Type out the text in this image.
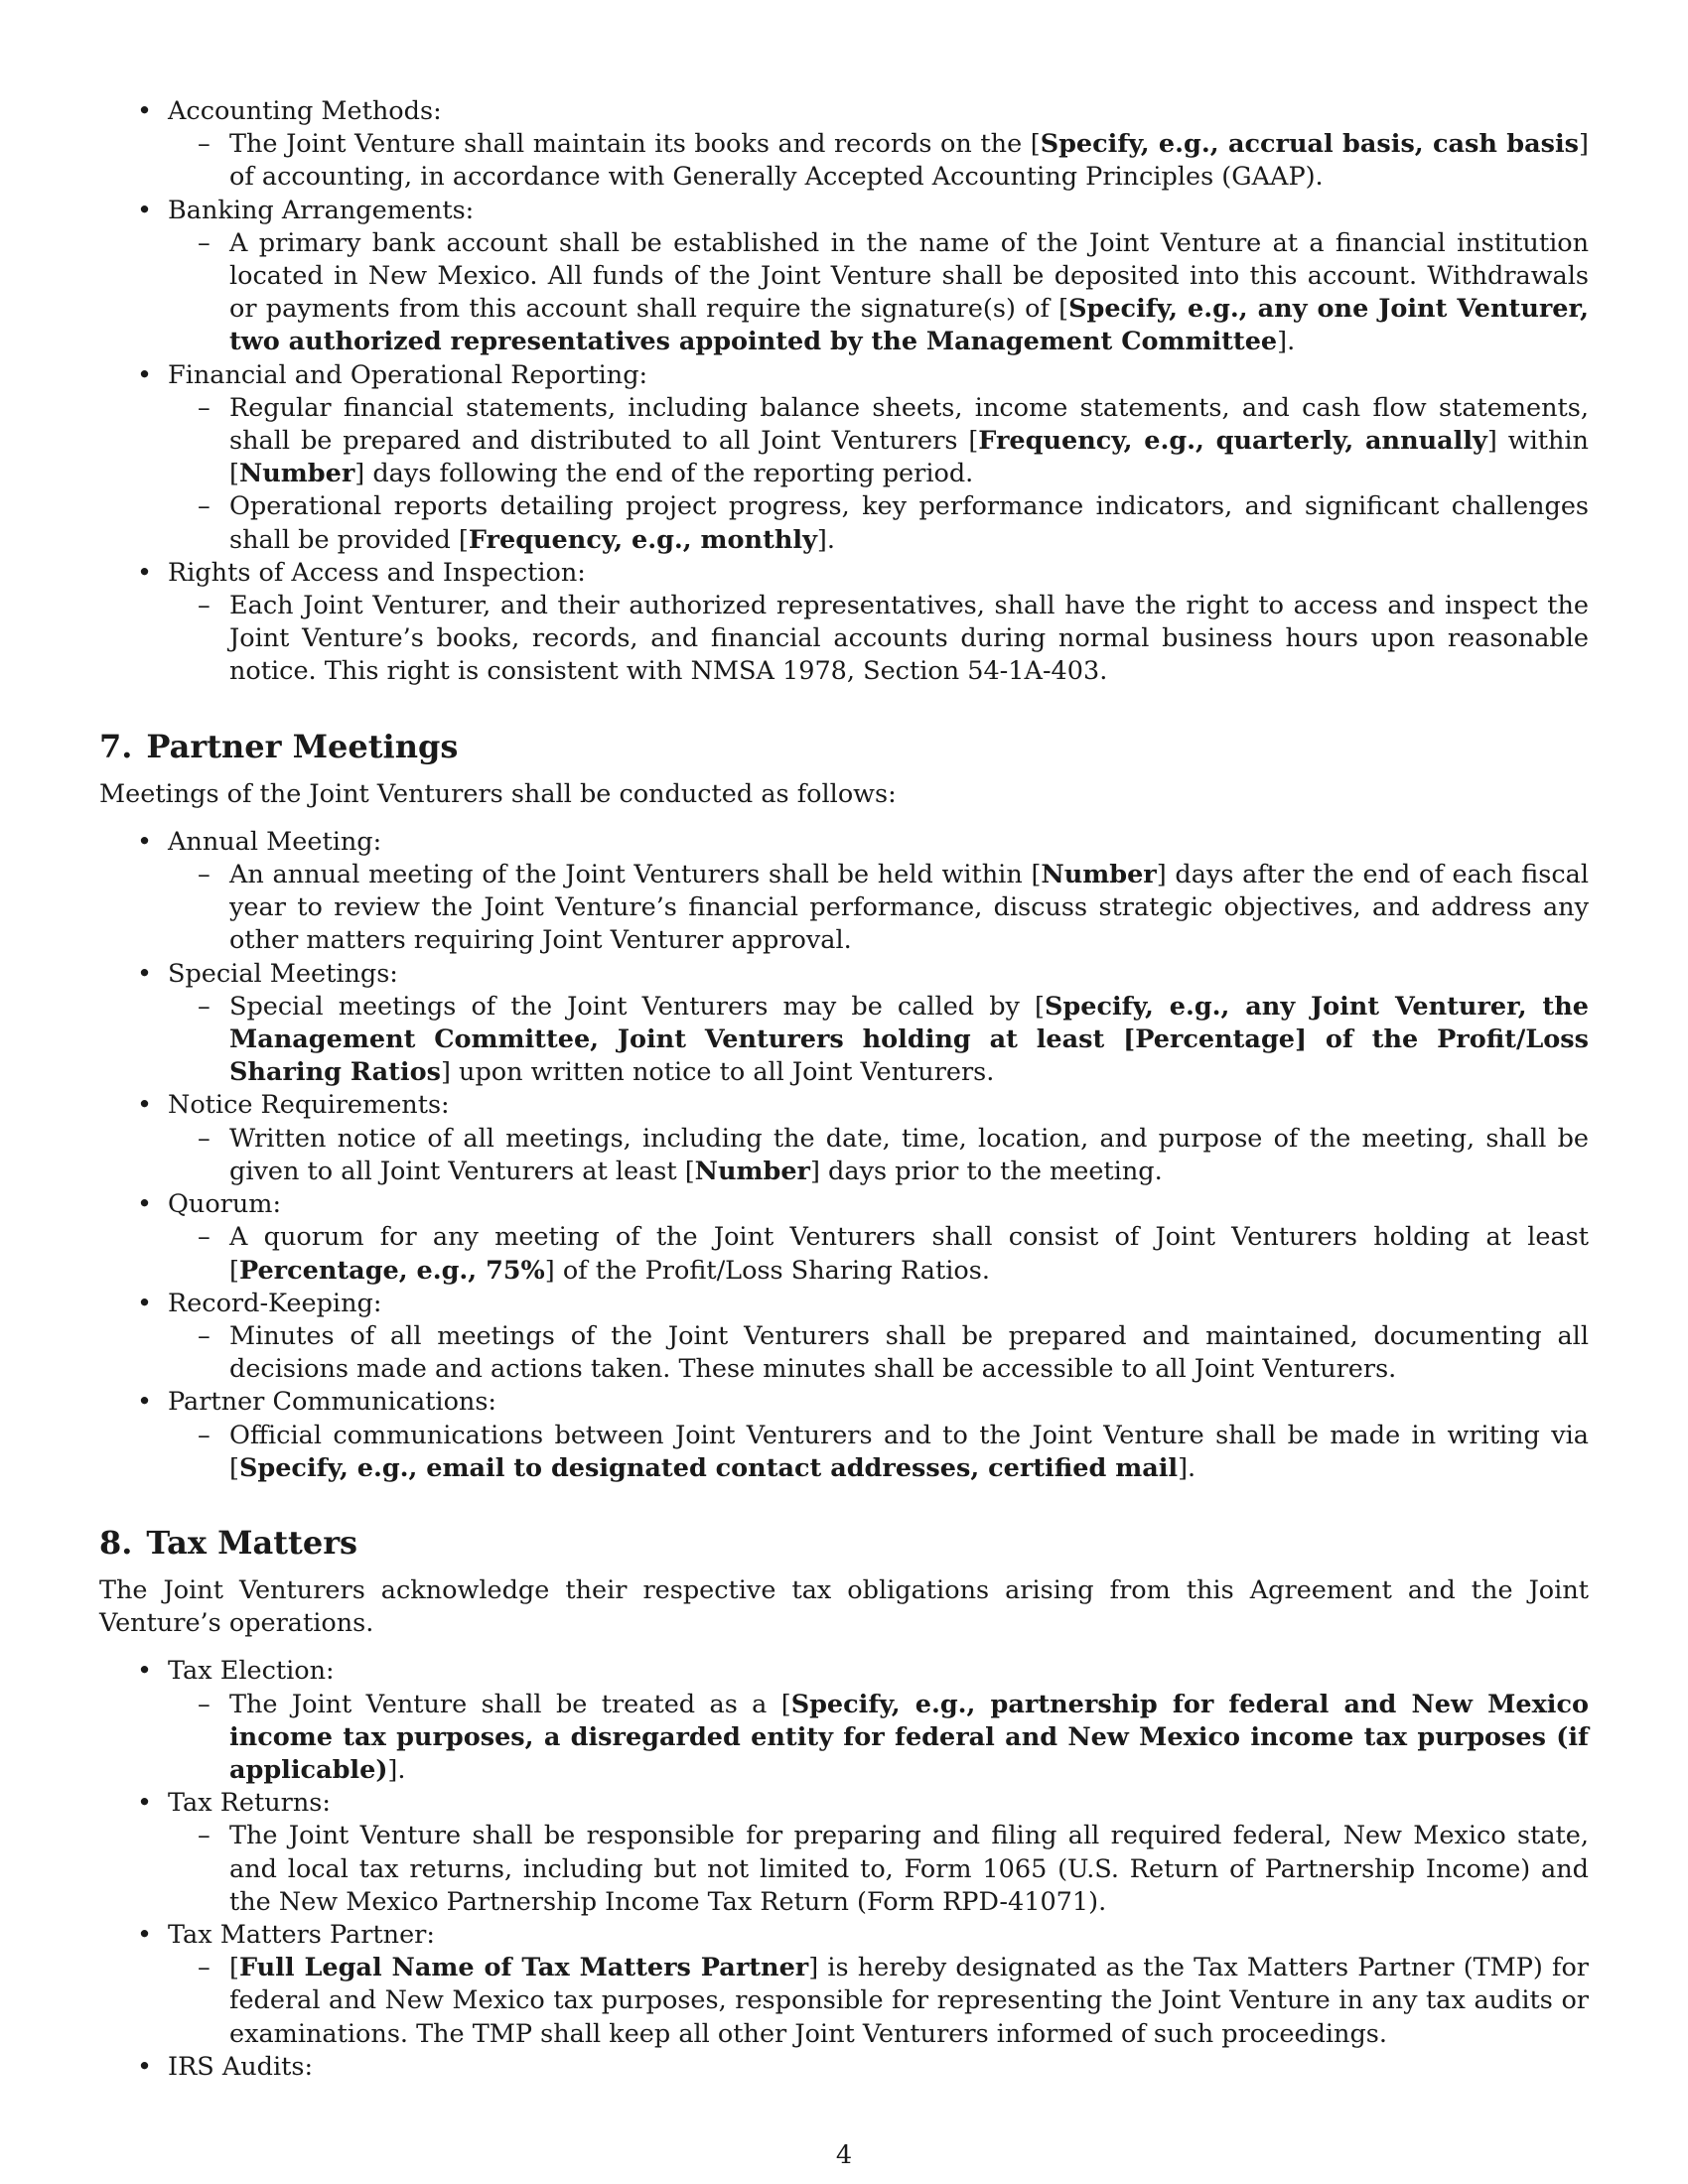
• Accounting Methods:
– The Joint Venture shall maintain its books and records on the [Specify, e.g., accrual basis, cash basis] of accounting, in accordance with Generally Accepted Accounting Principles (GAAP).
• Banking Arrangements:
– A primary bank account shall be established in the name of the Joint Venture at a financial institution located in New Mexico. All funds of the Joint Venture shall be deposited into this account. Withdrawals or payments from this account shall require the signature(s) of [Specify, e.g., any one Joint Venturer, two authorized representatives appointed by the Management Committee].
• Financial and Operational Reporting:
– Regular financial statements, including balance sheets, income statements, and cash flow statements, shall be prepared and distributed to all Joint Venturers [Frequency, e.g., quarterly, annually] within [Number] days following the end of the reporting period.
– Operational reports detailing project progress, key performance indicators, and significant challenges shall be provided [Frequency, e.g., monthly].
• Rights of Access and Inspection:
– Each Joint Venturer, and their authorized representatives, shall have the right to access and inspect the Joint Venture’s books, records, and financial accounts during normal business hours upon reasonable notice. This right is consistent with NMSA 1978, Section 54-1A-403.
7. Partner Meetings

Meetings of the Joint Venturers shall be conducted as follows:

• Annual Meeting:
– An annual meeting of the Joint Venturers shall be held within [Number] days after the end of each fiscal year to review the Joint Venture’s financial performance, discuss strategic objectives, and address any other matters requiring Joint Venturer approval.
• Special Meetings:
– Special meetings of the Joint Venturers may be called by [Specify, e.g., any Joint Venturer, the Management Committee, Joint Venturers holding at least [Percentage] of the Profit/Loss Sharing Ratios] upon written notice to all Joint Venturers.
• Notice Requirements:
– Written notice of all meetings, including the date, time, location, and purpose of the meeting, shall be given to all Joint Venturers at least [Number] days prior to the meeting.
• Quorum:
– A quorum for any meeting of the Joint Venturers shall consist of Joint Venturers holding at least [Percentage, e.g., 75%] of the Profit/Loss Sharing Ratios.
• Record-Keeping:
– Minutes of all meetings of the Joint Venturers shall be prepared and maintained, documenting all decisions made and actions taken. These minutes shall be accessible to all Joint Venturers.
• Partner Communications:
– Official communications between Joint Venturers and to the Joint Venture shall be made in writing via [Specify, e.g., email to designated contact addresses, certified mail].
8. Tax Matters

The Joint Venturers acknowledge their respective tax obligations arising from this Agreement and the Joint Venture’s operations.

• Tax Election:
– The Joint Venture shall be treated as a [Specify, e.g., partnership for federal and New Mexico income tax purposes, a disregarded entity for federal and New Mexico income tax purposes (if applicable)].
• Tax Returns:
– The Joint Venture shall be responsible for preparing and filing all required federal, New Mexico state, and local tax returns, including but not limited to, Form 1065 (U.S. Return of Partnership Income) and the New Mexico Partnership Income Tax Return (Form RPD-41071).
• Tax Matters Partner:
– [Full Legal Name of Tax Matters Partner] is hereby designated as the Tax Matters Partner (TMP) for federal and New Mexico tax purposes, responsible for representing the Joint Venture in any tax audits or examinations. The TMP shall keep all other Joint Venturers informed of such proceedings.
• IRS Audits:
4
